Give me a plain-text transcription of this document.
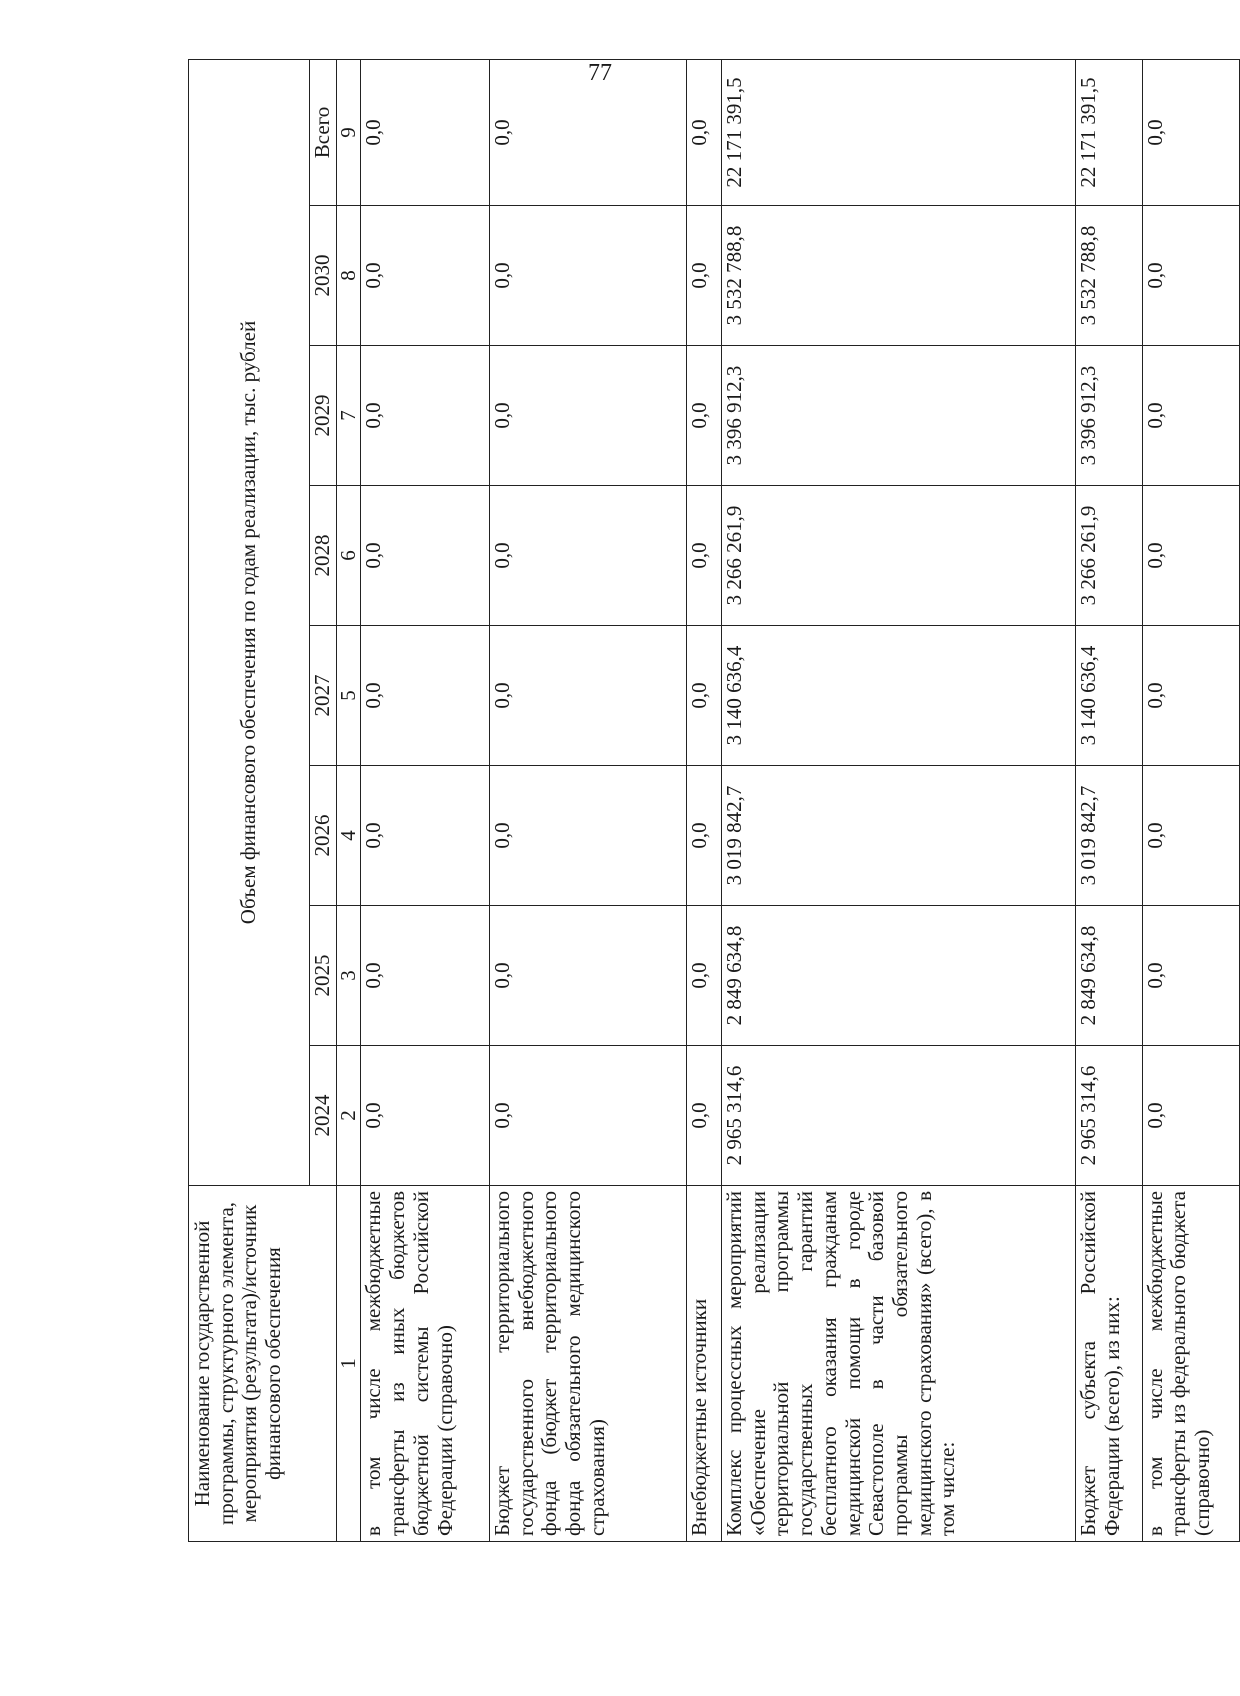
77
Наименование государственной программы, структурного элемента, мероприятия (результата)/источник финансового обеспечения	Объем финансового обеспечения по годам реализации, тыс. рублей							
	2024	2025	2026	2027	2028	2029	2030	Всего
1	2	3	4	5	6	7	8	9
в том числе межбюджетные трансферты из иных бюджетов бюджетной системы Российской Федерации (справочно)	0,0	0,0	0,0	0,0	0,0	0,0	0,0	0,0
Бюджет территориального государственного внебюджетного фонда (бюджет территориального фонда обязательного медицинского страхования)	0,0	0,0	0,0	0,0	0,0	0,0	0,0	0,0
Внебюджетные источники	0,0	0,0	0,0	0,0	0,0	0,0	0,0	0,0
Комплекс процессных мероприятий «Обеспечение реализации территориальной программы государственных гарантий бесплатного оказания гражданам медицинской помощи в городе Севастополе в части базовой программы обязательного медицинского страхования» (всего), в том числе:	2 965 314,6	2 849 634,8	3 019 842,7	3 140 636,4	3 266 261,9	3 396 912,3	3 532 788,8	22 171 391,5
Бюджет субъекта Российской Федерации (всего), из них:	2 965 314,6	2 849 634,8	3 019 842,7	3 140 636,4	3 266 261,9	3 396 912,3	3 532 788,8	22 171 391,5
в том числе межбюджетные трансферты из федерального бюджета (справочно)	0,0	0,0	0,0	0,0	0,0	0,0	0,0	0,0
